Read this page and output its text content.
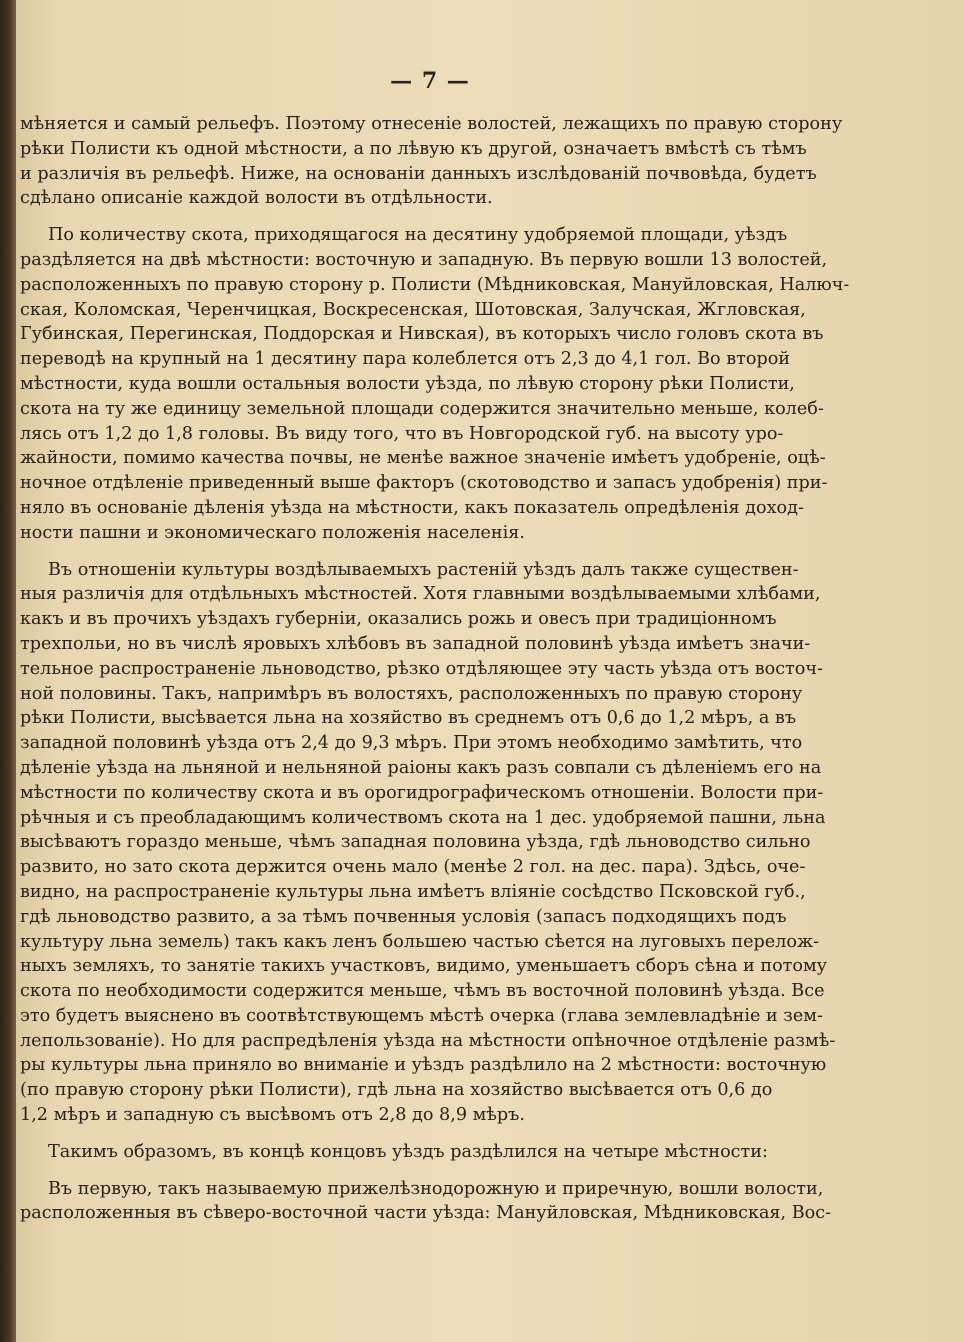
— 7 —
мѣняется и самый рельефъ. Поэтому отнесеніе волостей, лежащихъ по правую сторону
рѣки Полисти къ одной мѣстности, а по лѣвую къ другой, означаетъ вмѣстѣ съ тѣмъ
и различія въ рельефѣ. Ниже, на основаніи данныхъ изслѣдованій почвовѣда, будетъ
сдѣлано описаніе каждой волости въ отдѣльности.
По количеству скота, приходящагося на десятину удобряемой площади, уѣздъ
раздѣляется на двѣ мѣстности: восточную и западную. Въ первую вошли 13 волостей,
расположенныхъ по правую сторону р. Полисти (Мѣдниковская, Мануйловская, Налюч-
ская, Коломская, Черенчицкая, Воскресенская, Шотовская, Залучская, Жгловская,
Губинская, Перегинская, Поддорская и Нивская), въ которыхъ число головъ скота въ
переводѣ на крупный на 1 десятину пара колеблется отъ 2,3 до 4,1 гол. Во второй
мѣстности, куда вошли остальныя волости уѣзда, по лѣвую сторону рѣки Полисти,
скота на ту же единицу земельной площади содержится значительно меньше, колеб-
лясь отъ 1,2 до 1,8 головы. Въ виду того, что въ Новгородской губ. на высоту уро-
жайности, помимо качества почвы, не менѣе важное значеніе имѣетъ удобреніе, оцѣ-
ночное отдѣленіе приведенный выше факторъ (скотоводство и запасъ удобренія) при-
няло въ основаніе дѣленія уѣзда на мѣстности, какъ показатель опредѣленія доход-
ности пашни и экономическаго положенія населенія.
Въ отношеніи культуры воздѣлываемыхъ растеній уѣздъ далъ также существен-
ныя различія для отдѣльныхъ мѣстностей. Хотя главными воздѣлываемыми хлѣбами,
какъ и въ прочихъ уѣздахъ губерніи, оказались рожь и овесъ при традиціонномъ
трехпольи, но въ числѣ яровыхъ хлѣбовъ въ западной половинѣ уѣзда имѣетъ значи-
тельное распространеніе льноводство, рѣзко отдѣляющее эту часть уѣзда отъ восточ-
ной половины. Такъ, напримѣръ въ волостяхъ, расположенныхъ по правую сторону
рѣки Полисти, высѣвается льна на хозяйство въ среднемъ отъ 0,6 до 1,2 мѣръ, а въ
западной половинѣ уѣзда отъ 2,4 до 9,3 мѣръ. При этомъ необходимо замѣтить, что
дѣленіе уѣзда на льняной и нельняной раіоны какъ разъ совпали съ дѣленіемъ его на
мѣстности по количеству скота и въ орогидрографическомъ отношеніи. Волости при-
рѣчныя и съ преобладающимъ количествомъ скота на 1 дес. удобряемой пашни, льна
высѣваютъ гораздо меньше, чѣмъ западная половина уѣзда, гдѣ льноводство сильно
развито, но зато скота держится очень мало (менѣе 2 гол. на дес. пара). Здѣсь, оче-
видно, на распространеніе культуры льна имѣетъ вліяніе сосѣдство Псковской губ.,
гдѣ льноводство развито, а за тѣмъ почвенныя условія (запасъ подходящихъ подъ
культуру льна земель) такъ какъ ленъ большею частью сѣется на луговыхъ перелож-
ныхъ земляхъ, то занятіе такихъ участковъ, видимо, уменьшаетъ сборъ сѣна и потому
скота по необходимости содержится меньше, чѣмъ въ восточной половинѣ уѣзда. Все
это будетъ выяснено въ соотвѣтствующемъ мѣстѣ очерка (глава землевладѣніе и зем-
лепользованіе). Но для распредѣленія уѣзда на мѣстности опѣночное отдѣленіе размѣ-
ры культуры льна приняло во вниманіе и уѣздъ раздѣлило на 2 мѣстности: восточную
(по правую сторону рѣки Полисти), гдѣ льна на хозяйство высѣвается отъ 0,6 до
1,2 мѣръ и западную съ высѣвомъ отъ 2,8 до 8,9 мѣръ.
Такимъ образомъ, въ концѣ концовъ уѣздъ раздѣлился на четыре мѣстности:
Въ первую, такъ называемую прижелѣзнодорожную и приречную, вошли волости,
расположенныя въ сѣверо-восточной части уѣзда: Мануйловская, Мѣдниковская, Вос-
